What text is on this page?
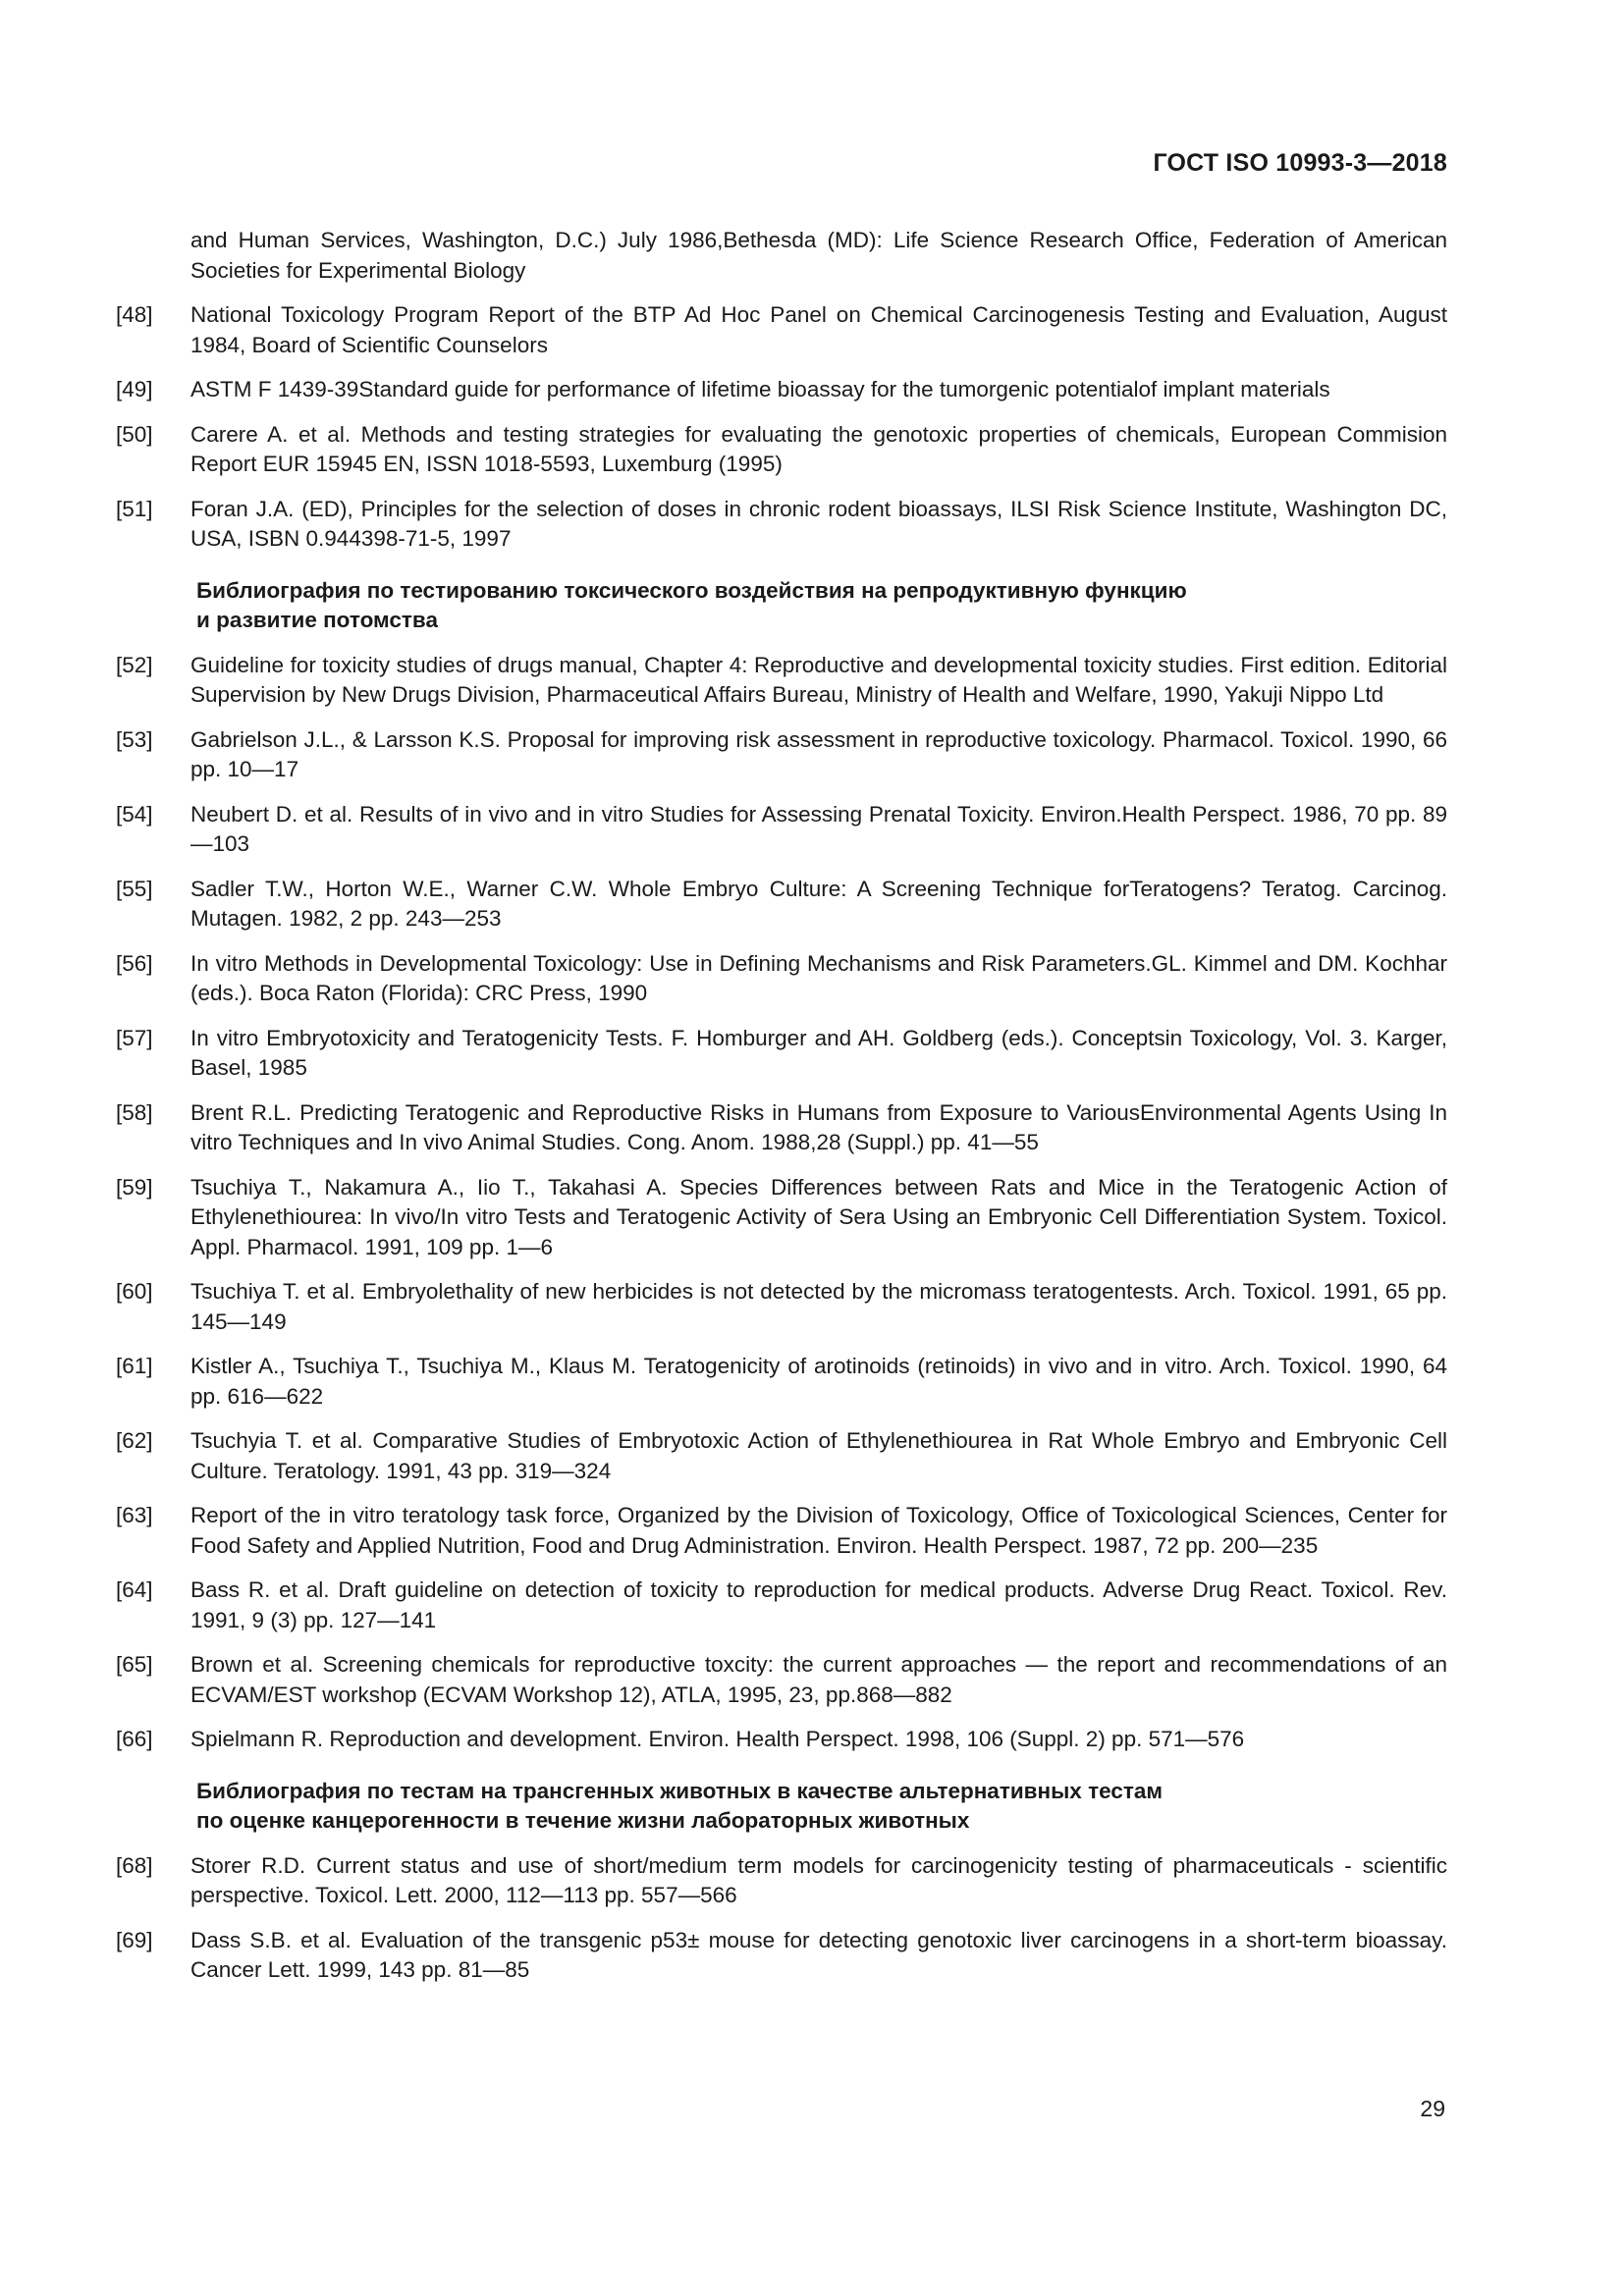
ГОСТ ISO 10993-3—2018
and Human Services, Washington, D.C.) July 1986,Bethesda (MD): Life Science Research Office, Federation of American Societies for Experimental Biology
[48]	National Toxicology Program Report of the BTP Ad Hoc Panel on Chemical Carcinogenesis Testing and Evaluation, August 1984, Board of Scientific Counselors
[49]	ASTM F 1439-39Standard guide for performance of lifetime bioassay for the tumorgenic potentialof implant materials
[50]	Carere A. et al. Methods and testing strategies for evaluating the genotoxic properties of chemicals, European Commision Report EUR 15945 EN, ISSN 1018-5593, Luxemburg (1995)
[51]	Foran J.A. (ED), Principles for the selection of doses in chronic rodent bioassays, ILSI Risk Science Institute, Washington DC, USA, ISBN 0.944398-71-5, 1997
Библиография по тестированию токсического воздействия на репродуктивную функцию
и развитие потомства
[52]	Guideline for toxicity studies of drugs manual, Chapter 4: Reproductive and developmental toxicity studies. First edition. Editorial Supervision by New Drugs Division, Pharmaceutical Affairs Bureau, Ministry of Health and Welfare, 1990, Yakuji Nippo Ltd
[53]	Gabrielson J.L., & Larsson K.S. Proposal for improving risk assessment in reproductive toxicology. Pharmacol. Toxicol. 1990, 66 pp. 10—17
[54]	Neubert D. et al. Results of in vivo and in vitro Studies for Assessing Prenatal Toxicity. Environ.Health Perspect. 1986, 70 pp. 89—103
[55]	Sadler T.W., Horton W.E., Warner C.W. Whole Embryo Culture: A Screening Technique forTeratogens? Teratog. Carcinog. Mutagen. 1982, 2 pp. 243—253
[56]	In vitro Methods in Developmental Toxicology: Use in Defining Mechanisms and Risk Parameters.GL. Kimmel and DM. Kochhar (eds.). Boca Raton (Florida): CRC Press, 1990
[57]	In vitro Embryotoxicity and Teratogenicity Tests. F. Homburger and AH. Goldberg (eds.). Conceptsin Toxicology, Vol. 3. Karger, Basel, 1985
[58]	Brent R.L. Predicting Teratogenic and Reproductive Risks in Humans from Exposure to VariousEnvironmental Agents Using In vitro Techniques and In vivo Animal Studies. Cong. Anom. 1988,28 (Suppl.) pp. 41—55
[59]	Tsuchiya T., Nakamura A., Iio T., Takahasi A. Species Differences between Rats and Mice in the Teratogenic Action of Ethylenethiourea: In vivo/In vitro Tests and Teratogenic Activity of Sera Using an Embryonic Cell Differentiation System. Toxicol. Appl. Pharmacol. 1991, 109 pp. 1—6
[60]	Tsuchiya T. et al. Embryolethality of new herbicides is not detected by the micromass teratogentests. Arch. Toxicol. 1991, 65 pp. 145—149
[61]	Kistler A., Tsuchiya T., Tsuchiya M., Klaus M. Teratogenicity of arotinoids (retinoids) in vivo and in vitro. Arch. Toxicol. 1990, 64 pp. 616—622
[62]	Tsuchyia T. et al. Comparative Studies of Embryotoxic Action of Ethylenethiourea in Rat Whole Embryo and Embryonic Cell Culture. Teratology. 1991, 43 pp. 319—324
[63]	Report of the in vitro teratology task force, Organized by the Division of Toxicology, Office of Toxicological Sciences, Center for Food Safety and Applied Nutrition, Food and Drug Administration. Environ. Health Perspect. 1987, 72 pp. 200—235
[64]	Bass R. et al. Draft guideline on detection of toxicity to reproduction for medical products. Adverse Drug React. Toxicol. Rev. 1991, 9 (3) pp. 127—141
[65]	Brown et al. Screening chemicals for reproductive toxcity: the current approaches — the report and recommendations of an ECVAM/EST workshop (ECVAM Workshop 12), ATLA, 1995, 23, pp.868—882
[66]	Spielmann R. Reproduction and development. Environ. Health Perspect. 1998, 106 (Suppl. 2) pp. 571—576
Библиография по тестам на трансгенных животных в качестве альтернативных тестам
по оценке канцерогенности в течение жизни лабораторных животных
[68]	Storer R.D. Current status and use of short/medium term models for carcinogenicity testing of pharmaceuticals - scientific perspective. Toxicol. Lett. 2000, 112—113 pp. 557—566
[69]	Dass S.B. et al. Evaluation of the transgenic p53± mouse for detecting genotoxic liver carcinogens in a short-term bioassay. Cancer Lett. 1999, 143 pp. 81—85
29
